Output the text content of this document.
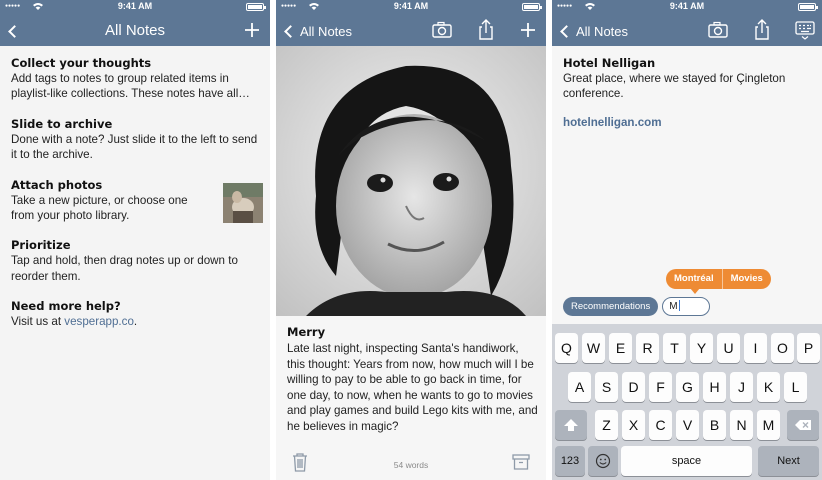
●●●●●	9:41 AM
All Notes
Collect your thoughts
Add tags to notes to group related items in playlist-like collections. These notes have all…
Slide to archive
Done with a note? Just slide it to the left to send it to the archive.
Attach photos
Take a new picture, or choose one from your photo library.
Prioritize
Tap and hold, then drag notes up or down to reorder them.
Need more help?
Visit us at vesperapp.co.
●●●●●	9:41 AM
All Notes
Merry
Late last night, inspecting Santa's handiwork, this thought: Years from now, how much will I be willing to pay to be able to go back in time, for one day, to now, when he wants to go to movies and play games and build Lego kits with me, and he believes in magic?
54 words
●●●●●	9:41 AM
All Notes
Hotel Nelligan
Great place, where we stayed for Çingleton conference.
hotelnelligan.com
Montréal	Movies
Recommendations	M
Q	W	E	R	T	Y	U	I	O	P
A	S	D	F	G	H	J	K	L
Z	X	C	V	B	N	M
123	space	Next
